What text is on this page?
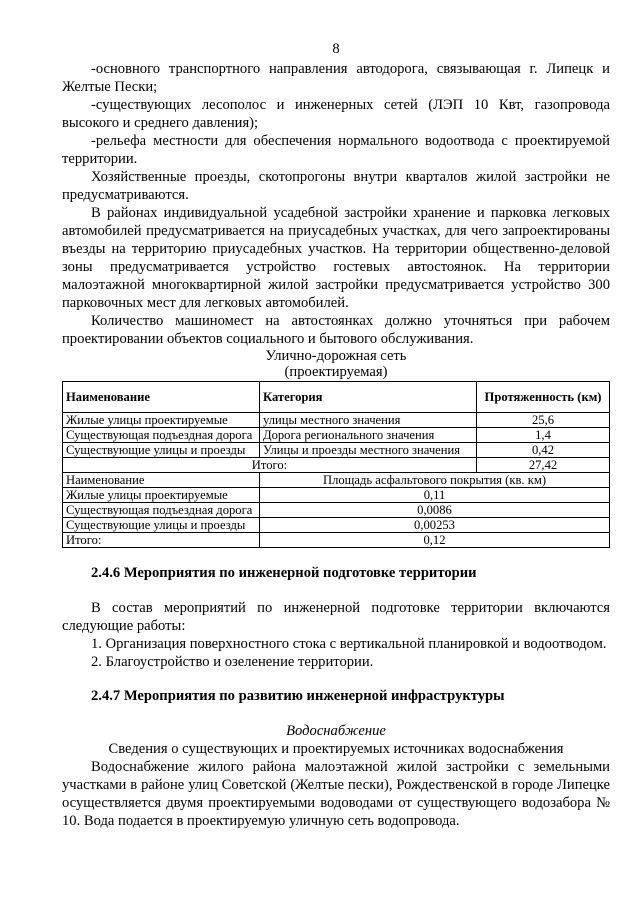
8

-основного транспортного направления автодорога, связывающая г. Липецк и Желтые Пески;

-существующих лесополос и инженерных сетей (ЛЭП 10 Квт, газопровода высокого и среднего давления);

-рельефа местности для обеспечения нормального водоотвода с проектируемой территории.

Хозяйственные проезды, скотопрогоны внутри кварталов жилой застройки не предусматриваются.

В районах индивидуальной усадебной застройки хранение и парковка легковых автомобилей предусматривается на приусадебных участках, для чего запроектированы въезды на территорию приусадебных участков. На территории общественно-деловой зоны предусматривается устройство гостевых автостоянок. На территории малоэтажной многоквартирной жилой застройки предусматривается устройство 300 парковочных мест для легковых автомобилей.

Количество машиномест на автостоянках должно уточняться при рабочем проектировании объектов социального и бытового обслуживания.

Улично-дорожная сеть
(проектируемая)
Наименование	Категория	Протяженность (км)
Жилые улицы проектируемые	улицы местного значения	25,6
Существующая подъездная дорога	Дорога регионального значения	1,4
Существующие улицы и проезды	Улицы и проезды местного значения	0,42
Итого:		27,42
Наименование	Площадь асфальтового покрытия (кв. км)	
Жилые улицы проектируемые	0,11	
Существующая подъездная дорога	0,0086	
Существующие улицы и проезды	0,00253	
Итого:	0,12	
2.4.6 Мероприятия по инженерной подготовке территории

В состав мероприятий по инженерной подготовке территории включаются следующие работы:

1. Организация поверхностного стока с вертикальной планировкой и водоотводом.

2. Благоустройство и озеленение территории.

2.4.7 Мероприятия по развитию инженерной инфраструктуры

Водоснабжение

Сведения о существующих и проектируемых источниках водоснабжения

Водоснабжение жилого района малоэтажной жилой застройки с земельными участками в районе улиц Советской (Желтые пески), Рождественской в городе Липецке осуществляется двумя проектируемыми водоводами от существующего водозабора № 10. Вода подается в проектируемую уличную сеть водопровода.
